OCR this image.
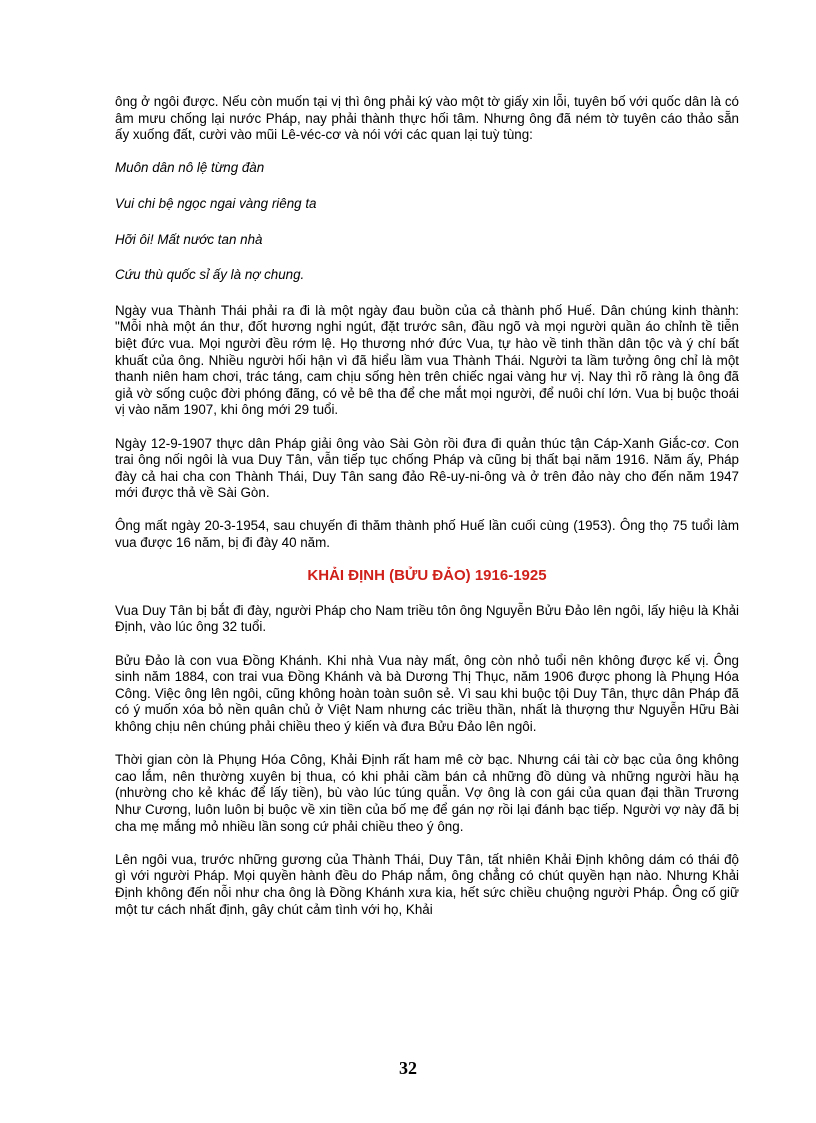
ông ở ngôi được. Nếu còn muốn tại vị thì ông phải ký vào một tờ giấy xin lỗi, tuyên bố với quốc dân là có âm mưu chống lại nước Pháp, nay phải thành thực hối tâm. Nhưng ông đã ném tờ tuyên cáo thảo sẵn ấy xuống đất, cười vào mũi Lê-véc-cơ và nói với các quan lại tuỳ tùng:

Muôn dân nô lệ từng đàn

Vui chi bệ ngọc ngai vàng riêng ta

Hỡi ôi! Mất nước tan nhà

Cứu thù quốc sỉ ấy là nợ chung.

Ngày vua Thành Thái phải ra đi là một ngày đau buồn của cả thành phố Huế. Dân chúng kinh thành: "Mỗi nhà một án thư, đốt hương nghi ngút, đặt trước sân, đầu ngõ và mọi người quần áo chỉnh tề tiễn biệt đức vua. Mọi người đều rớm lệ. Họ thương nhớ đức Vua, tự hào về tinh thần dân tộc và ý chí bất khuất của ông. Nhiều người hối hận vì đã hiểu lầm vua Thành Thái. Người ta lầm tưởng ông chỉ là một thanh niên ham chơi, trác táng, cam chịu sống hèn trên chiếc ngai vàng hư vị. Nay thì rõ ràng là ông đã giả vờ sống cuộc đời phóng đãng, có vẻ bê tha để che mắt mọi người, để nuôi chí lớn. Vua bị buộc thoái vị vào năm 1907, khi ông mới 29 tuổi.

Ngày 12-9-1907 thực dân Pháp giải ông vào Sài Gòn rồi đưa đi quản thúc tận Cáp-Xanh Giắc-cơ. Con trai ông nối ngôi là vua Duy Tân, vẫn tiếp tục chống Pháp và cũng bị thất bại năm 1916. Năm ấy, Pháp đày cả hai cha con Thành Thái, Duy Tân sang đảo Rê-uy-ni-ông và ở trên đảo này cho đến năm 1947 mới được thả về Sài Gòn.

Ông mất ngày 20-3-1954, sau chuyến đi thăm thành phố Huế lần cuối cùng (1953). Ông thọ 75 tuổi làm vua được 16 năm, bị đi đày 40 năm.

KHẢI ĐỊNH (BỬU ĐẢO) 1916-1925

Vua Duy Tân bị bắt đi đày, người Pháp cho Nam triều tôn ông Nguyễn Bửu Đảo lên ngôi, lấy hiệu là Khải Định, vào lúc ông 32 tuổi.

Bửu Đảo là con vua Đồng Khánh. Khi nhà Vua này mất, ông còn nhỏ tuổi nên không được kế vị. Ông sinh năm 1884, con trai vua Đồng Khánh và bà Dương Thị Thục, năm 1906 được phong là Phụng Hóa Công. Việc ông lên ngôi, cũng không hoàn toàn suôn sẻ. Vì sau khi buộc tội Duy Tân, thực dân Pháp đã có ý muốn xóa bỏ nền quân chủ ở Việt Nam nhưng các triều thần, nhất là thượng thư Nguyễn Hữu Bài không chịu nên chúng phải chiều theo ý kiến và đưa Bửu Đảo lên ngôi.

Thời gian còn là Phụng Hóa Công, Khải Định rất ham mê cờ bạc. Nhưng cái tài cờ bạc của ông không cao lắm, nên thường xuyên bị thua, có khi phải cầm bán cả những đồ dùng và những người hầu hạ (nhường cho kẻ khác để lấy tiền), bù vào lúc túng quẫn. Vợ ông là con gái của quan đại thần Trương Như Cương, luôn luôn bị buộc về xin tiền của bố mẹ để gán nợ rồi lại đánh bạc tiếp. Người vợ này đã bị cha mẹ mắng mỏ nhiều lần song cứ phải chiều theo ý ông.

Lên ngôi vua, trước những gương của Thành Thái, Duy Tân, tất nhiên Khải Định không dám có thái độ gì với người Pháp. Mọi quyền hành đều do Pháp nắm, ông chẳng có chút quyền hạn nào. Nhưng Khải Định không đến nỗi như cha ông là Đồng Khánh xưa kia, hết sức chiều chuộng người Pháp. Ông cố giữ một tư cách nhất định, gây chút cảm tình với họ, Khải

32
